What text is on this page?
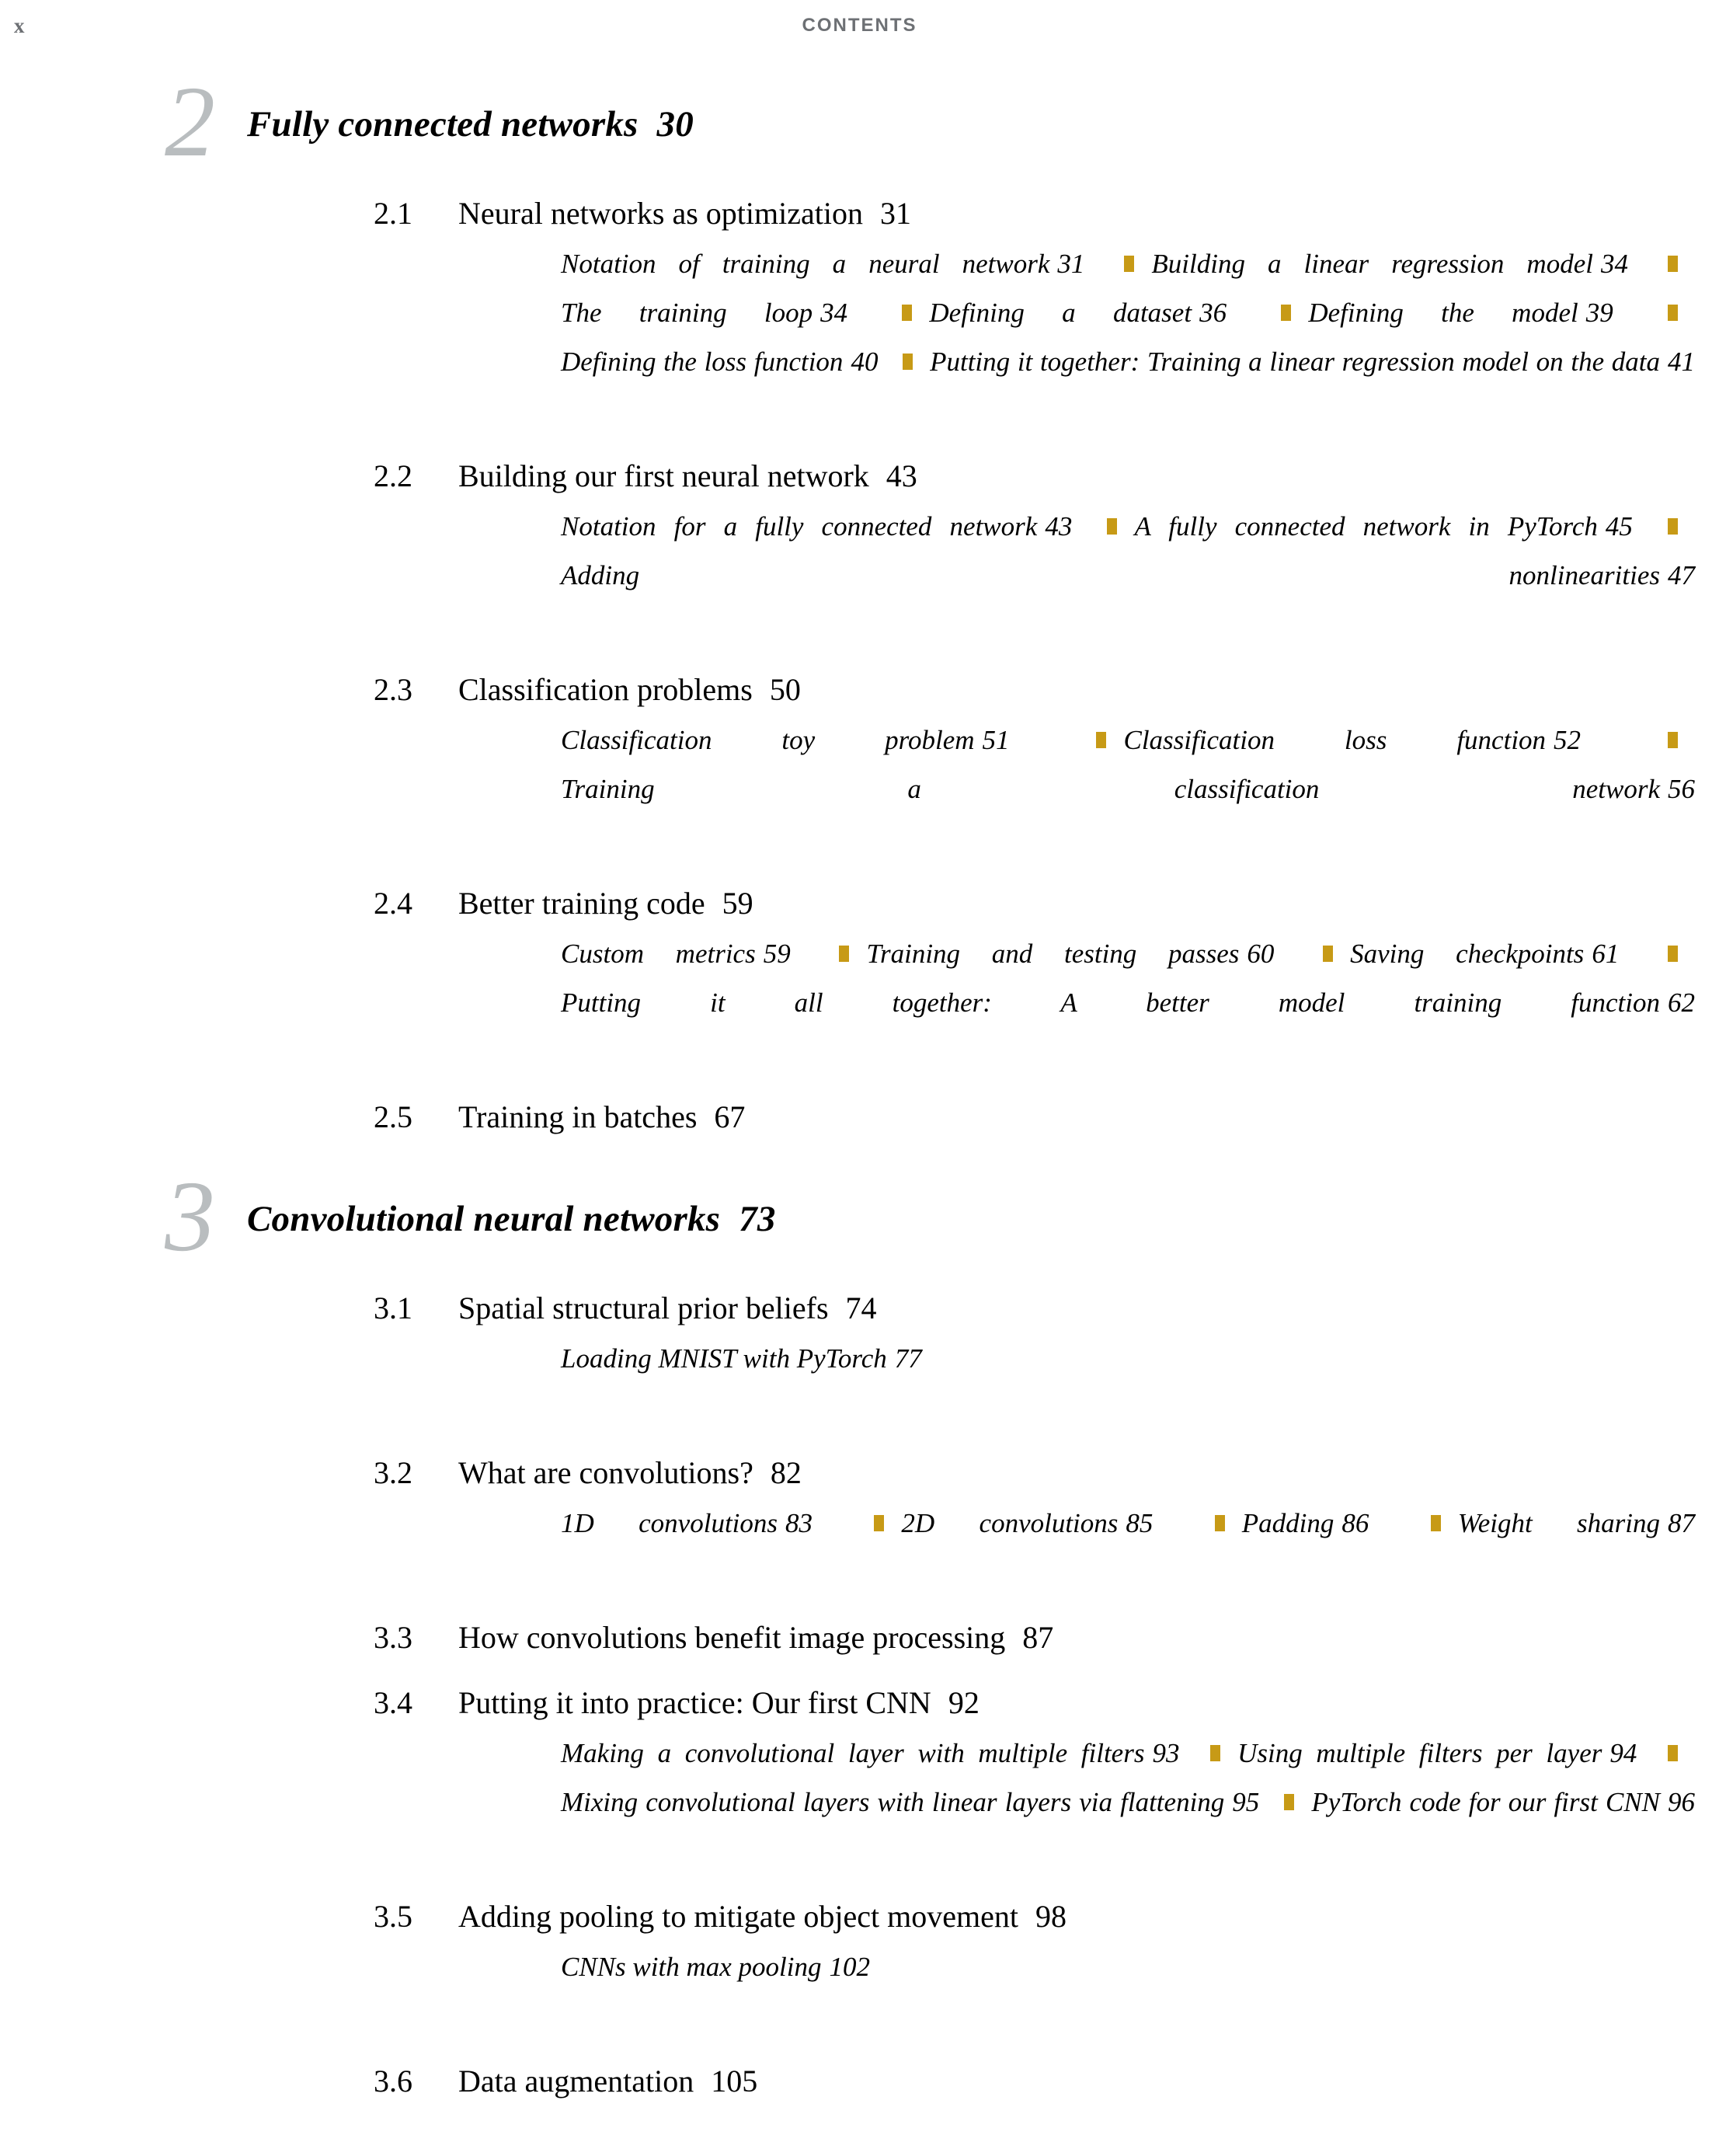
x	CONTENTS
2 Fully connected networks 30
2.1 Neural networks as optimization 31
Notation of training a neural network 31 Building a linear regression model 34 The training loop 34	Defining a dataset 36	Defining the model 39 Defining the loss function 40 Putting it together: Training a linear regression model on the data 41
2.2 Building our first neural network 43
Notation for a fully connected network 43 A fully connected network in PyTorch 45 Adding nonlinearities 47
2.3 Classification problems 50
Classification toy problem 51	Classification loss function 52 Training a classification network 56
2.4 Better training code 59
Custom metrics 59	Training and testing passes 60	Saving checkpoints 61 Putting it all together: A better model training function 62
2.5 Training in batches 67
3 Convolutional neural networks 73
3.1 Spatial structural prior beliefs 74
Loading MNIST with PyTorch 77
3.2 What are convolutions? 82
1D convolutions 83	2D convolutions 85	Padding 86	Weight sharing 87
3.3 How convolutions benefit image processing 87
3.4 Putting it into practice: Our first CNN 92
Making a convolutional layer with multiple filters 93 Using multiple filters per layer 94 Mixing convolutional layers with linear layers via flattening 95 PyTorch code for our first CNN 96
3.5 Adding pooling to mitigate object movement 98
CNNs with max pooling 102
3.6 Data augmentation 105
